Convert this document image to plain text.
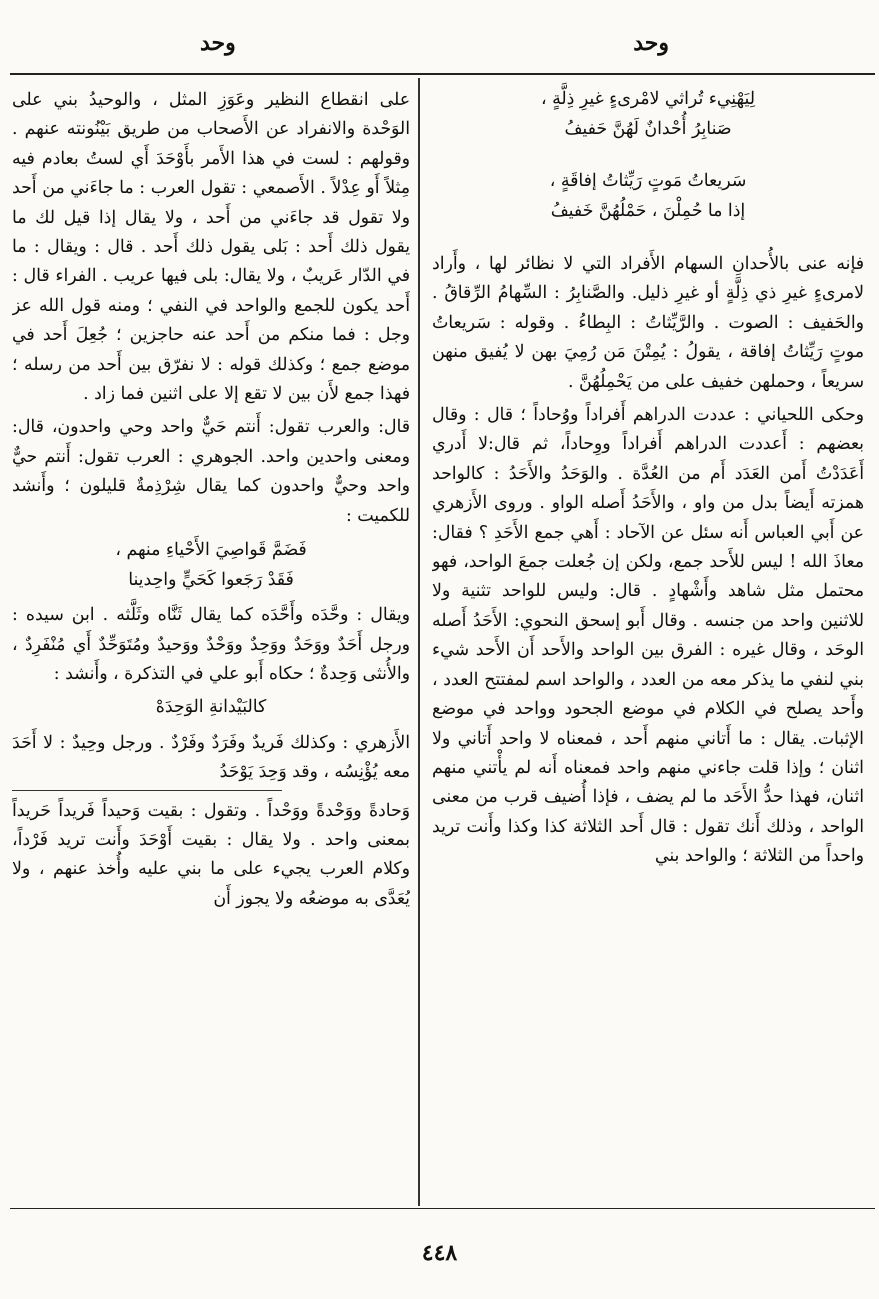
وحد
وحد
لِيَهْنِيء تُراثي لامْرىءٍ غيرِ ذِلَّةٍ ،
صَنابِرُ أُحْدانٌ لَهُنَّ حَفيفُ
سَريعاتُ مَوتٍ رَيِّثاتُ إفاقَةٍ ،
إذا ما حُمِلْنَ ، حَمْلُهُنَّ خَفيفُ
فإنه عنى بالأُحدانِ السهام الأَفراد التي لا نظائر لها ، وأَراد لامرىءٍ غيرِ ذي ذِلَّةٍ أو غيرِ ذليل. والصَّنابِرُ : السِّهامُ الرِّقاقُ . والحَفيف : الصوت . والرَّيِّثاتُ : البِطاءُ . وقوله : سَريعاتُ موتٍ رَيِّثاتُ إفاقة ، يقولُ : يُمِتْنَ مَن رُمِيَ بهن لا يُفيق منهن سريعاً ، وحملهن خفيف على من يَحْمِلُهُنَّ .
وحكى اللحياني : عددت الدراهم أَفراداً ووُحاداً ؛ قال : وقال بعضهم : أَعددت الدراهم أَفراداً ووِحاداً، ثم قال:لا أَدري أَعَدَدْتُ أَمن العَدَد أَم من العُدَّة . والوَحَدُ والأَحَدُ : كالواحد همزته أَيضاً بدل من واو ، والأَحَدُ أَصله الواو . وروى الأَزهري عن أَبي العباس أَنه سئل عن الآحاد : أَهي جمع الأَحَدِ ؟ فقال: معاذَ الله ! ليس للأَحد جمع، ولكن إن جُعلت جمعَ الواحد، فهو محتمل مثل شاهد وأَشْهادٍ . قال: وليس للواحد تثنية ولا للاثنين واحد من جنسه . وقال أَبو إسحق النحوي: الأَحَدُ أَصله الوحَد ، وقال غيره : الفرق بين الواحد والأَحد أَن الأَحد شيء بني لنفي ما يذكر معه من العدد ، والواحد اسم لمفتتح العدد ، وأَحد يصلح في الكلام في موضع الجحود وواحد في موضع الإثبات. يقال : ما أَتاني منهم أَحد ، فمعناه لا واحد أَتاني ولا اثنان ؛ وإذا قلت جاءني منهم واحد فمعناه أَنه لم يأْتني منهم اثنان، فهذا حدُّ الأَحَد ما لم يضف ، فإذا أُضيف قرب من معنى الواحد ، وذلك أَنك تقول : قال أَحد الثلاثة كذا وكذا وأَنت تريد واحداً من الثلاثة ؛ والواحد بني
على انقطاع النظير وعَوَزِ المثل ، والوحيدُ بني على الوَحْدة والانفراد عن الأَصحاب من طريق بَيْنُونته عنهم . وقولهم : لست في هذا الأَمر بأَوْحَدَ أَي لستُ بعادم فيه مِثلاً أَو عِدْلاً . الأَصمعي : تقول العرب : ما جاءَني من أَحد ولا تقول قد جاءَني من أَحد ، ولا يقال إذا قيل لك ما يقول ذلك أَحد : بَلى يقول ذلك أَحد . قال : ويقال : ما في الدّار عَريبٌ ، ولا يقال: بلى فيها عريب . الفراء قال : أَحد يكون للجمع والواحد في النفي ؛ ومنه قول الله عز وجل : فما منكم من أَحد عنه حاجزين ؛ جُعِلَ أَحد في موضع جمع ؛ وكذلك قوله : لا نفرّق بين أَحد من رسله ؛ فهذا جمع لأَن بين لا تقع إلا على اثنين فما زاد .
قال: والعرب تقول: أَنتم حَيٌّ واحد وحي واحدون، قال: ومعنى واحدين واحد. الجوهري : العرب تقول: أَنتم حيٌّ واحد وحيٌّ واحدون كما يقال شِرْذِمةٌ قليلون ؛ وأَنشد للكميت :
فَضَمَّ قَواصِيَ الأَحْياءِ منهم ،
فَقَدْ رَجَعوا كَحَيٍّ واحِدينا
ويقال : وحَّدَه وأَحَّدَه كما يقال ثَنَّاه وثَلَّثه . ابن سيده : ورجل أَحَدٌ ووَحَدٌ ووَحِدٌ ووَحْدٌ ووَحيدٌ ومُتَوَحِّدٌ أَي مُنْفَرِدٌ ، والأُنثى وَحِدةٌ ؛ حكاه أَبو علي في التذكرة ، وأَنشد :
كالبَيْدانةِ الوَحِدَهْ
الأَزهري : وكذلك فَريدٌ وفَرَدٌ وفَرْدٌ . ورجل وحِيدٌ : لا أَحَدَ معه يُؤْنِسُه ، وقد وَحِدَ يَوْحَدُ
وَحادةً ووَحْدةً ووَحْداً . وتقول : بقيت وَحيداً فَريداً حَريداً بمعنى واحد . ولا يقال : بقيت أَوْحَدَ وأَنت تريد فَرْداً، وكلام العرب يجيء على ما بني عليه وأُخذ عنهم ، ولا يُعَدَّى به موضعُه ولا يجوز أَن
٤٤٨
